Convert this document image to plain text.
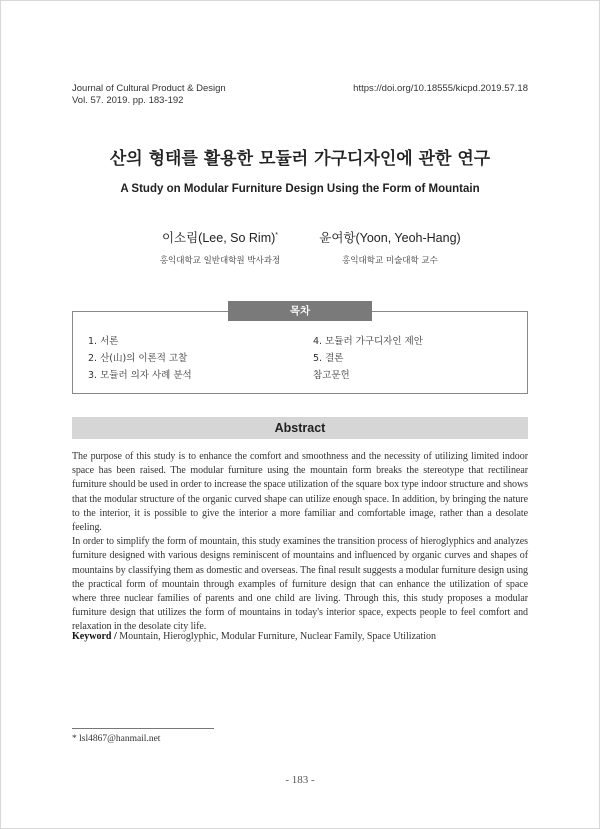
Journal of Cultural Product & Design
Vol. 57. 2019. pp. 183-192
https://doi.org/10.18555/kicpd.2019.57.18
산의 형태를 활용한 모듈러 가구디자인에 관한 연구
A Study on Modular Furniture Design Using the Form of Mountain
이소림(Lee, So Rim)*
홍익대학교 일반대학원 박사과정
윤여항(Yoon, Yeoh-Hang)
홍익대학교 미술대학 교수
목차
1. 서론
2. 산(山)의 이론적 고찰
3. 모듈러 의자 사례 분석
4. 모듈러 가구디자인 제안
5. 결론
참고문헌
Abstract

The purpose of this study is to enhance the comfort and smoothness and the necessity of utilizing limited indoor space has been raised. The modular furniture using the mountain form breaks the stereotype that rectilinear furniture should be used in order to increase the space utilization of the square box type indoor structure and shows that the modular structure of the organic curved shape can utilize enough space. In addition, by bringing the nature to the interior, it is possible to give the interior a more familiar and comfortable image, rather than a desolate feeling.

In order to simplify the form of mountain, this study examines the transition process of hieroglyphics and analyzes furniture designed with various designs reminiscent of mountains and influenced by organic curves and shapes of mountains by classifying them as domestic and overseas. The final result suggests a modular furniture design using the practical form of mountain through examples of furniture design that can enhance the utilization of space where three nuclear families of parents and one child are living. Through this, this study proposes a modular furniture design that utilizes the form of mountains in today's interior space, expects people to feel comfort and relaxation in the desolate city life.

Keyword / Mountain, Hieroglyphic, Modular Furniture, Nuclear Family, Space Utilization
* lsl4867@hanmail.net
- 183 -
